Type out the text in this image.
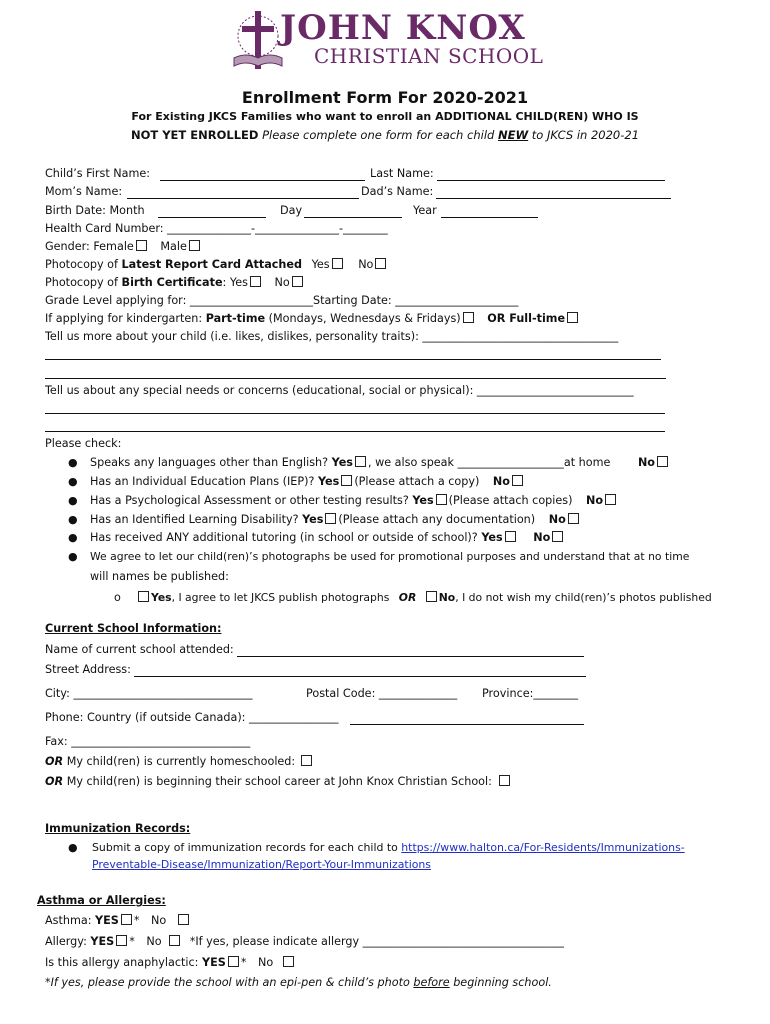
JOHN KNOX
CHRISTIAN SCHOOL
Enrollment Form For 2020-2021
For Existing JKCS Families who want to enroll an ADDITIONAL CHILD(REN) WHO IS
NOT YET ENROLLED Please complete one form for each child NEW to JKCS in 2020-21
Child’s First Name:	Last Name:
Mom’s Name:	Dad’s Name:
Birth Date: Month	Day	Year
Health Card Number: _______________-_______________-________
Gender: Female Male
Photocopy of Latest Report Card Attached Yes	No
Photocopy of Birth Certificate: Yes No
Grade Level applying for: ______________________Starting Date: ______________________
If applying for kindergarten: Part-time (Mondays, Wednesdays & Fridays) OR Full-time
Tell us more about your child (i.e. likes, dislikes, personality traits): ___________________________________
Tell us about any special needs or concerns (educational, social or physical): ____________________________
Please check:
● Speaks any languages other than English? Yes , we also speak ___________________at home No
● Has an Individual Education Plans (IEP)? Yes (Please attach a copy) No
● Has a Psychological Assessment or other testing results? Yes (Please attach copies) No
● Has an Identified Learning Disability? Yes (Please attach any documentation) No
● Has received ANY additional tutoring (in school or outside of school)? Yes	No
● We agree to let our child(ren)’s photographs be used for promotional purposes and understand that at no time
will names be published:
o	Yes, I agree to let JKCS publish photographs OR No, I do not wish my child(ren)’s photos published
Current School Information:
Name of current school attended:
Street Address:
City: ________________________________	Postal Code: ______________ Province:________
Phone: Country (if outside Canada): ________________
Fax: ________________________________
OR My child(ren) is currently homeschooled:
OR My child(ren) is beginning their school career at John Knox Christian School:
Immunization Records:
● Submit a copy of immunization records for each child to https://www.halton.ca/For-Residents/Immunizations-
Preventable-Disease/Immunization/Report-Your-Immunizations
Asthma or Allergies:
Asthma: YES * No
Allergy: YES * No	*If yes, please indicate allergy ____________________________________
Is this allergy anaphylactic: YES * No
*If yes, please provide the school with an epi-pen & child’s photo before beginning school.
